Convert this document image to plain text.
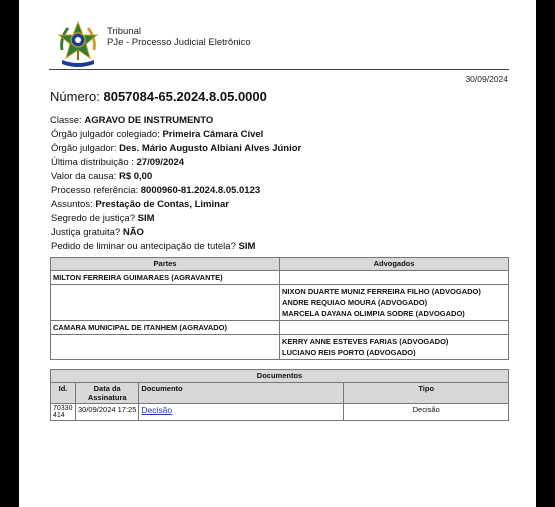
Tribunal
PJe - Processo Judicial Eletrônico
30/09/2024
Número: 8057084-65.2024.8.05.0000
Classe: AGRAVO DE INSTRUMENTO
Órgão julgador colegiado: Primeira Câmara Cível
Órgão julgador: Des. Mário Augusto Albiani Alves Júnior
Última distribuição : 27/09/2024
Valor da causa: R$ 0,00
Processo referência: 8000960-81.2024.8.05.0123
Assuntos: Prestação de Contas, Liminar
Segredo de justiça? SIM
Justiça gratuita? NÃO
Pedido de liminar ou antecipação de tutela? SIM
Partes	Advogados
MILTON FERREIRA GUIMARAES (AGRAVANTE)	

	NIXON DUARTE MUNIZ FERREIRA FILHO (ADVOGADO)
ANDRE REQUIAO MOURA (ADVOGADO)
MARCELA DAYANA OLIMPIA SODRE (ADVOGADO)

CAMARA MUNICIPAL DE ITANHEM (AGRAVADO)	

	KERRY ANNE ESTEVES FARIAS (ADVOGADO)
LUCIANO REIS PORTO (ADVOGADO)
Documentos			
Id.	Data da Assinatura	Documento	Tipo
70330414	30/09/2024 17:25	Decisão	Decisão
